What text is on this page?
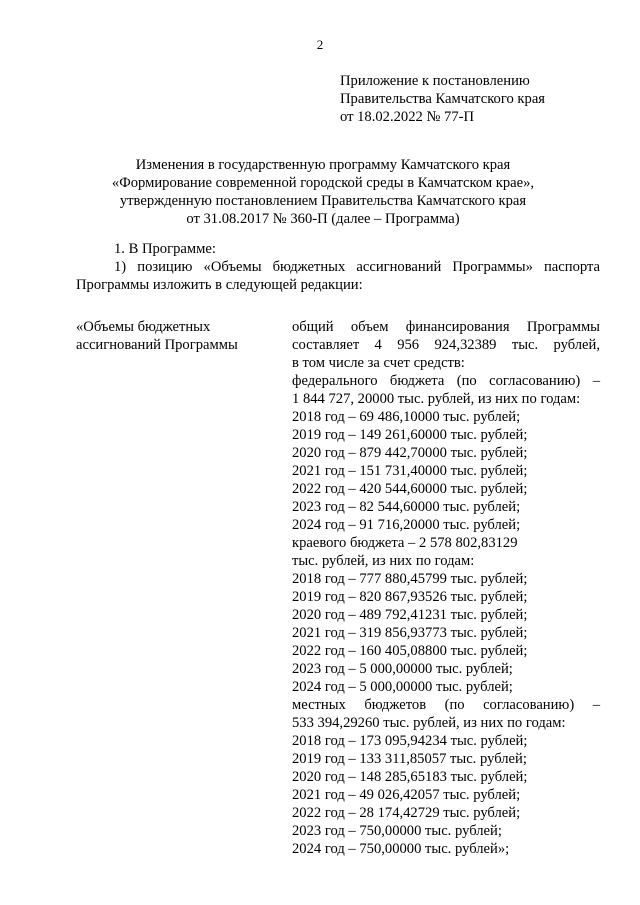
2
Приложение к постановлению
Правительства Камчатского края
от 18.02.2022 № 77-П
Изменения в государственную программу Камчатского края
«Формирование современной городской среды в Камчатском крае»,
утвержденную постановлением Правительства Камчатского края
от 31.08.2017 № 360-П (далее – Программа)
1. В Программе:
1) позицию «Объемы бюджетных ассигнований Программы» паспорта
Программы изложить в следующей редакции:
«Объемы бюджетных
ассигнований Программы
общий объем финансирования Программы
составляет 4 956 924,32389 тыс. рублей,
в том числе за счет средств:
федерального бюджета (по согласованию) –
1 844 727, 20000 тыс. рублей, из них по годам:
2018 год – 69 486,10000 тыс. рублей;
2019 год – 149 261,60000 тыс. рублей;
2020 год – 879 442,70000 тыс. рублей;
2021 год – 151 731,40000 тыс. рублей;
2022 год – 420 544,60000 тыс. рублей;
2023 год – 82 544,60000 тыс. рублей;
2024 год – 91 716,20000 тыс. рублей;
краевого бюджета – 2 578 802,83129
тыс. рублей, из них по годам:
2018 год – 777 880,45799 тыс. рублей;
2019 год – 820 867,93526 тыс. рублей;
2020 год – 489 792,41231 тыс. рублей;
2021 год – 319 856,93773 тыс. рублей;
2022 год – 160 405,08800 тыс. рублей;
2023 год – 5 000,00000 тыс. рублей;
2024 год – 5 000,00000 тыс. рублей;
местных бюджетов (по согласованию) –
533 394,29260 тыс. рублей, из них по годам:
2018 год – 173 095,94234 тыс. рублей;
2019 год – 133 311,85057 тыс. рублей;
2020 год – 148 285,65183 тыс. рублей;
2021 год – 49 026,42057 тыс. рублей;
2022 год – 28 174,42729 тыс. рублей;
2023 год – 750,00000 тыс. рублей;
2024 год – 750,00000 тыс. рублей»;
